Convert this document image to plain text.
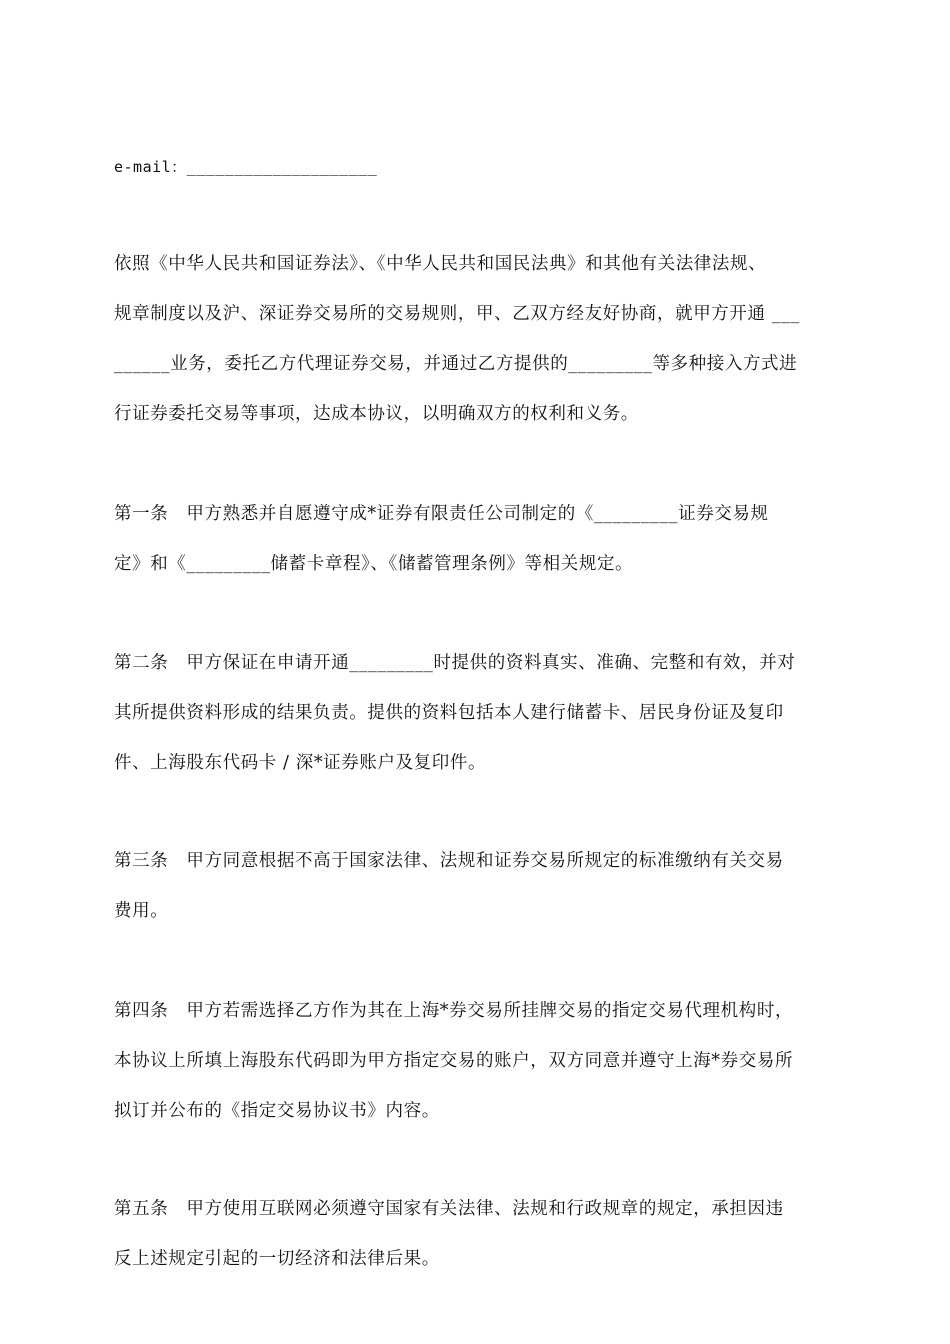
e-mail：____________________
依照《中华人民共和国证券法》、《中华人民共和国民法典》和其他有关法律法规、
规章制度以及沪、深证券交易所的交易规则，甲、乙双方经友好协商，就甲方开通 ___
______业务，委托乙方代理证券交易，并通过乙方提供的_________等多种接入方式进
行证券委托交易等事项，达成本协议，以明确双方的权利和义务。
第一条　甲方熟悉并自愿遵守成*证券有限责任公司制定的《_________证券交易规
定》和《_________储蓄卡章程》、《储蓄管理条例》等相关规定。
第二条　甲方保证在申请开通_________时提供的资料真实、准确、完整和有效，并对
其所提供资料形成的结果负责。提供的资料包括本人建行储蓄卡、居民身份证及复印
件、上海股东代码卡 / 深*证券账户及复印件。
第三条　甲方同意根据不高于国家法律、法规和证券交易所规定的标准缴纳有关交易
费用。
第四条　甲方若需选择乙方作为其在上海*券交易所挂牌交易的指定交易代理机构时，
本协议上所填上海股东代码即为甲方指定交易的账户，双方同意并遵守上海*券交易所
拟订并公布的《指定交易协议书》内容。
第五条　甲方使用互联网必须遵守国家有关法律、法规和行政规章的规定，承担因违
反上述规定引起的一切经济和法律后果。
